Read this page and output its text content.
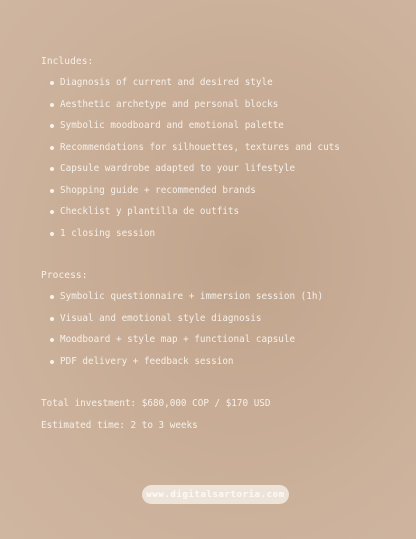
Includes:
Diagnosis of current and desired style
Aesthetic archetype and personal blocks
Symbolic moodboard and emotional palette
Recommendations for silhouettes, textures and cuts
Capsule wardrobe adapted to your lifestyle
Shopping guide + recommended brands
Checklist y plantilla de outfits
1 closing session
Process:
Symbolic questionnaire + immersion session (1h)
Visual and emotional style diagnosis
Moodboard + style map + functional capsule
PDF delivery + feedback session
Total investment: $680,000 COP / $170 USD
Estimated time: 2 to 3 weeks
www.digitalsartoria.com
